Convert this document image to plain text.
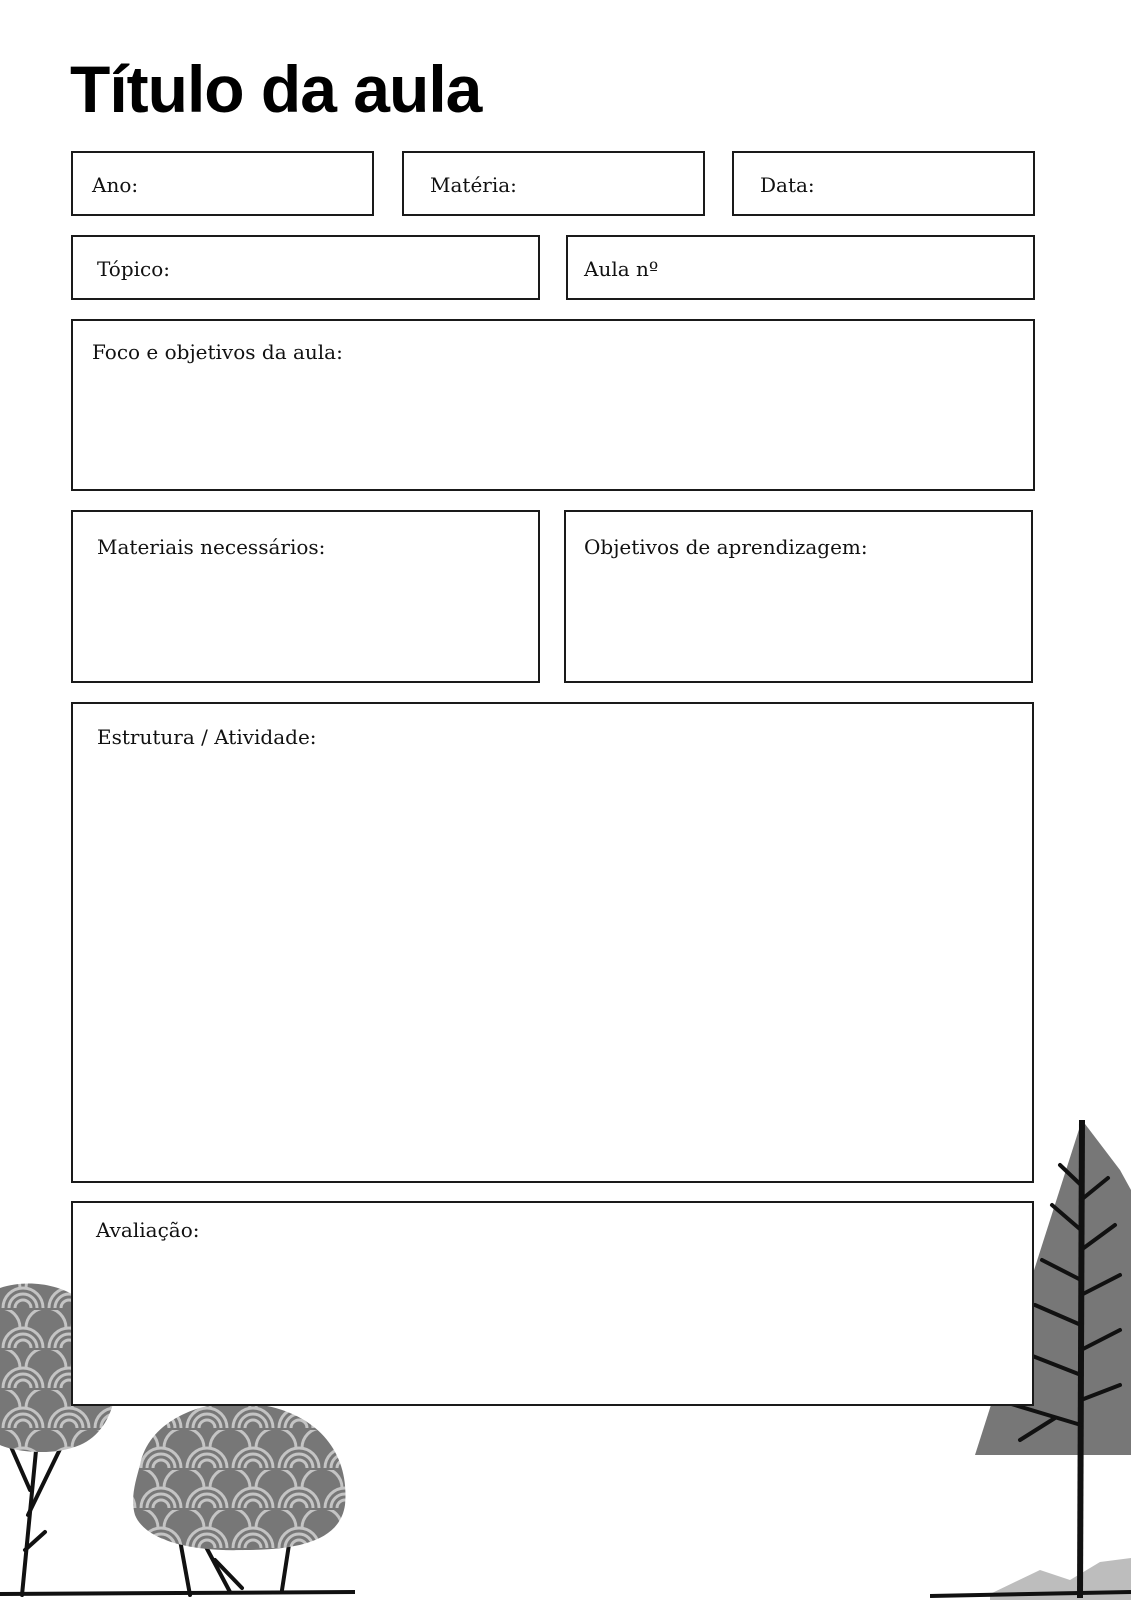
Título da aula
Ano:	Matéria:	Data:
Tópico:	Aula nº
Foco e objetivos da aula:
Materiais necessários:	Objetivos de aprendizagem:
Estrutura / Atividade:
Avaliação:
